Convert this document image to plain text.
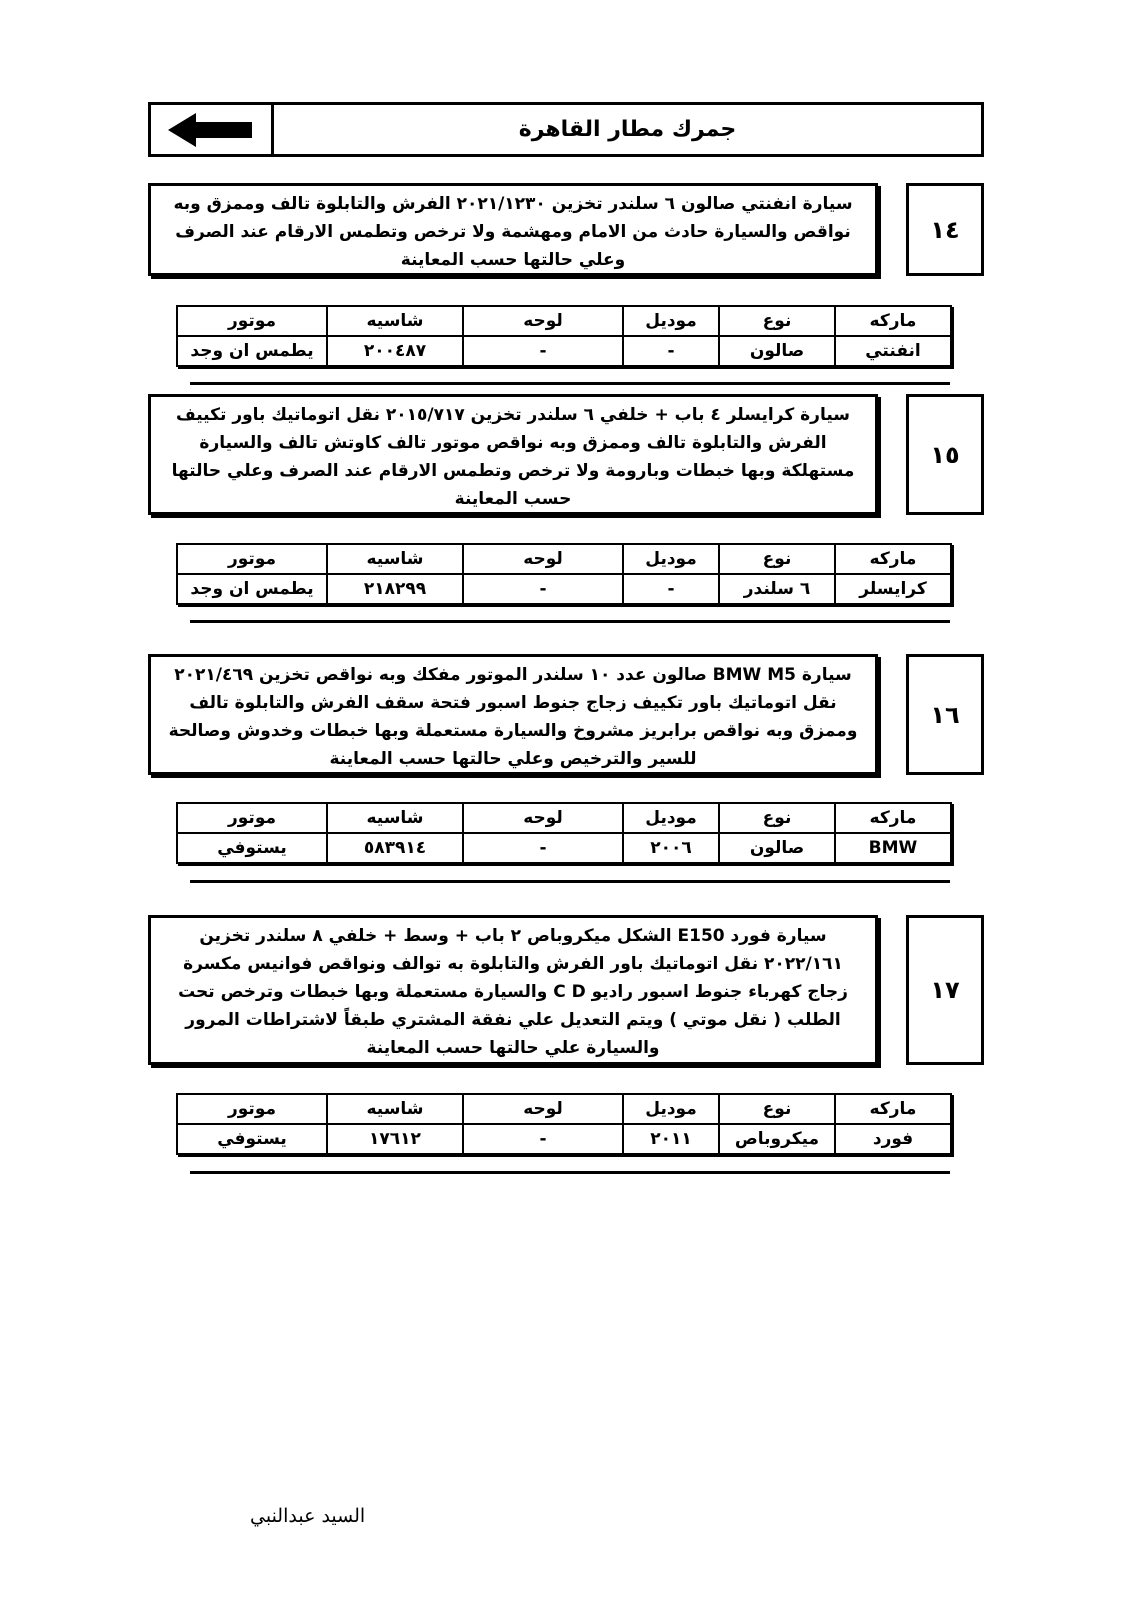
جمرك مطار القاهرة
سيارة انفنتي صالون ٦ سلندر تخزين ٢٠٢١/١٢٣٠ الفرش والتابلوة تالف وممزق وبه نواقص والسيارة حادث من الامام ومهشمة ولا ترخص وتطمس الارقام عند الصرف وعلي حالتها حسب المعاينة
١٤
ماركه	نوع	موديل	لوحه	شاسيه	موتور
انفنتي	صالون	-	-	٢٠٠٤٨٧	يطمس ان وجد
سيارة كرايسلر ٤ باب + خلفي ٦ سلندر تخزين ٢٠١٥/٧١٧ نقل اتوماتيك باور تكييف الفرش والتابلوة تالف وممزق وبه نواقص موتور تالف كاوتش تالف والسيارة مستهلكة وبها خبطات وبارومة ولا ترخص وتطمس الارقام عند الصرف وعلي حالتها حسب المعاينة
١٥
ماركه	نوع	موديل	لوحه	شاسيه	موتور
كرايسلر	٦ سلندر	-	-	٢١٨٢٩٩	يطمس ان وجد
سيارة BMW M5 صالون عدد ١٠ سلندر الموتور مفكك وبه نواقص تخزين ٢٠٢١/٤٦٩ نقل اتوماتيك باور تكييف زجاج جنوط اسبور فتحة سقف الفرش والتابلوة تالف وممزق وبه نواقص برابريز مشروخ والسيارة مستعملة وبها خبطات وخدوش وصالحة للسير والترخيص وعلي حالتها حسب المعاينة
١٦
ماركه	نوع	موديل	لوحه	شاسيه	موتور
BMW	صالون	٢٠٠٦	-	٥٨٣٩١٤	يستوفي
سيارة فورد E150 الشكل ميكروباص ٢ باب + وسط + خلفي ٨ سلندر تخزين ٢٠٢٢/١٦١ نقل اتوماتيك باور الفرش والتابلوة به توالف ونواقص فوانيس مكسرة زجاج كهرباء جنوط اسبور راديو C D والسيارة مستعملة وبها خبطات وترخص تحت الطلب ( نقل موتي ) ويتم التعديل علي نفقة المشتري طبقاً لاشتراطات المرور والسيارة علي حالتها حسب المعاينة
١٧
ماركه	نوع	موديل	لوحه	شاسيه	موتور
فورد	ميكروباص	٢٠١١	-	١٧٦١٢	يستوفي
السيد عبدالنبي
